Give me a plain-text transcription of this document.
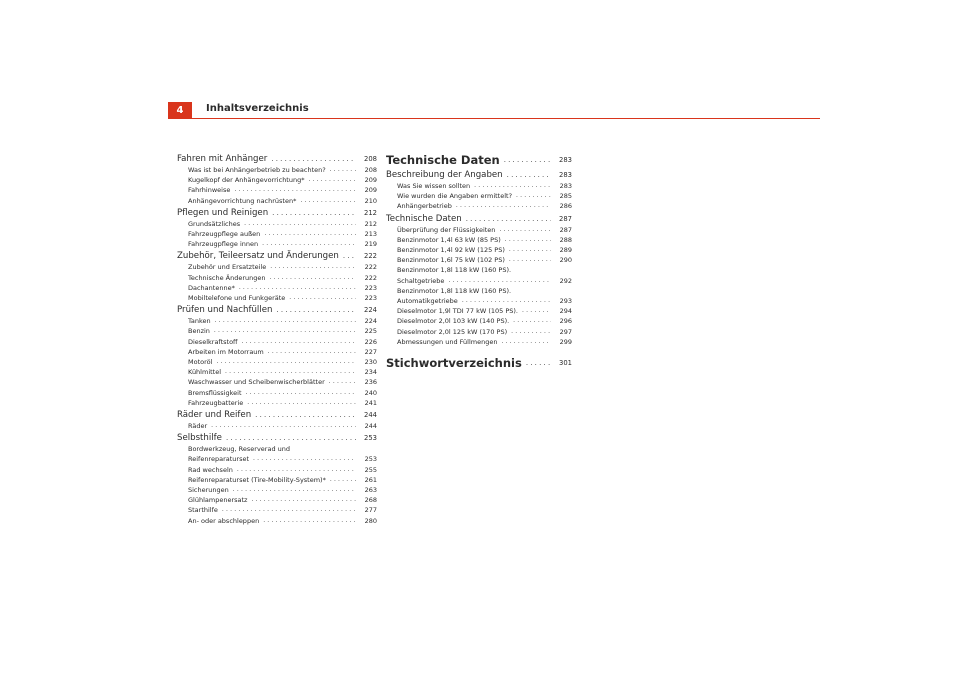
4	Inhaltsverzeichnis
Fahren mit Anhänger .....	208
Was ist bei Anhängerbetrieb zu beachten? .....	208
Kugelkopf der Anhängevorrichtung* .....	209
Fahrhinweise .....	209
Anhängevorrichtung nachrüsten* .....	210
Pflegen und Reinigen .....	212
Grundsätzliches .....	212
Fahrzeugpflege außen .....	213
Fahrzeugpflege innen .....	219
Zubehör, Teileersatz und Änderungen .....	222
Zubehör und Ersatzteile .....	222
Technische Änderungen .....	222
Dachantenne* .....	223
Mobiltelefone und Funkgeräte .....	223
Prüfen und Nachfüllen .....	224
Tanken .....	224
Benzin .....	225
Dieselkraftstoff .....	226
Arbeiten im Motorraum .....	227
Motoröl .....	230
Kühlmittel .....	234
Waschwasser und Scheibenwischerblätter .....	236
Bremsflüssigkeit .....	240
Fahrzeugbatterie .....	241
Räder und Reifen .....	244
Räder .....	244
Selbsthilfe .....	253
Bordwerkzeug, Reserverad und
Reifenreparaturset .....	253
Rad wechseln .....	255
Reifenreparaturset (Tire-Mobility-System)* .....	261
Sicherungen .....	263
Glühlampenersatz .....	268
Starthilfe .....	277
An- oder abschleppen .....	280
Technische Daten .....	283
Beschreibung der Angaben .....	283
Was Sie wissen sollten .....	283
Wie wurden die Angaben ermittelt? .....	285
Anhängerbetrieb .....	286
Technische Daten .....	287
Überprüfung der Flüssigkeiten .....	287
Benzinmotor 1,4l 63 kW (85 PS) .....	288
Benzinmotor 1,4l 92 kW (125 PS) .....	289
Benzinmotor 1,6l 75 kW (102 PS) .....	290
Benzinmotor 1,8l 118 kW (160 PS).
Schaltgetriebe .....	292
Benzinmotor 1,8l 118 kW (160 PS).
Automatikgetriebe .....	293
Dieselmotor 1,9l TDI 77 kW (105 PS). .....	294
Dieselmotor 2,0l 103 kW (140 PS). .....	296
Dieselmotor 2,0l 125 kW (170 PS) .....	297
Abmessungen und Füllmengen .....	299
Stichwortverzeichnis .....	301
